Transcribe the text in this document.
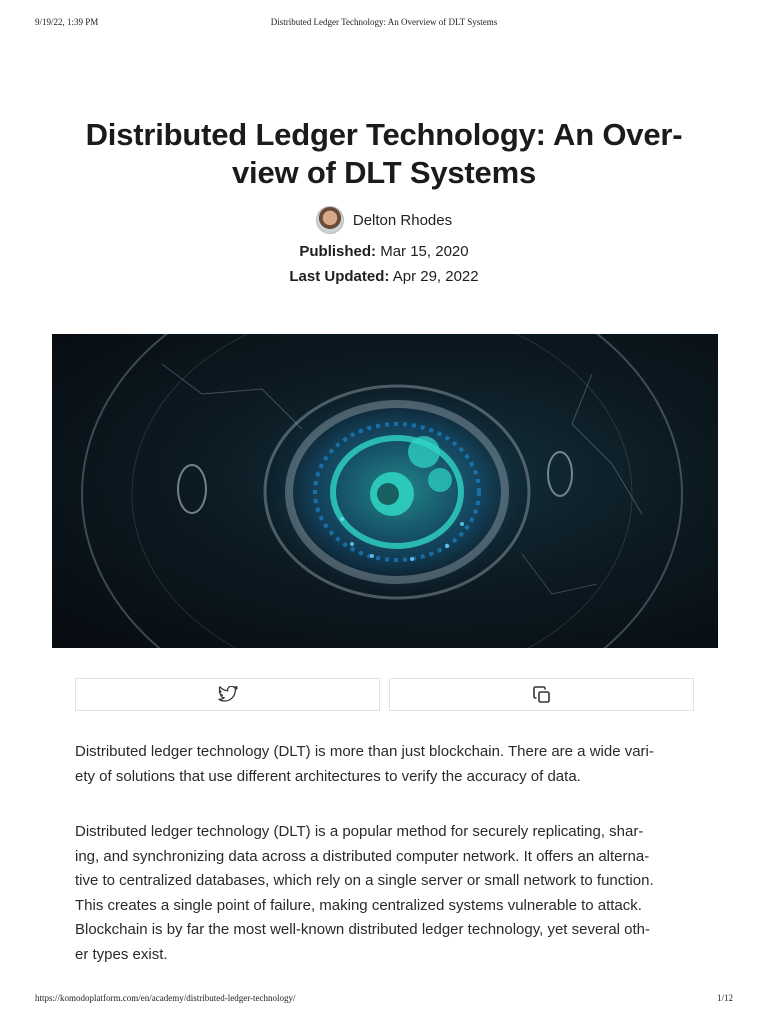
9/19/22, 1:39 PM	Distributed Ledger Technology: An Overview of DLT Systems
Distributed Ledger Technology: An Over-
view of DLT Systems
Delton Rhodes
Published: Mar 15, 2020
Last Updated: Apr 29, 2022

Distributed ledger technology (DLT) is more than just blockchain. There are a wide vari-
ety of solutions that use different architectures to verify the accuracy of data.

Distributed ledger technology (DLT) is a popular method for securely replicating, shar-
ing, and synchronizing data across a distributed computer network. It offers an alterna-
tive to centralized databases, which rely on a single server or small network to function.
This creates a single point of failure, making centralized systems vulnerable to attack.
Blockchain is by far the most well-known distributed ledger technology, yet several oth-
er types exist.

https://komodoplatform.com/en/academy/distributed-ledger-technology/	1/12
